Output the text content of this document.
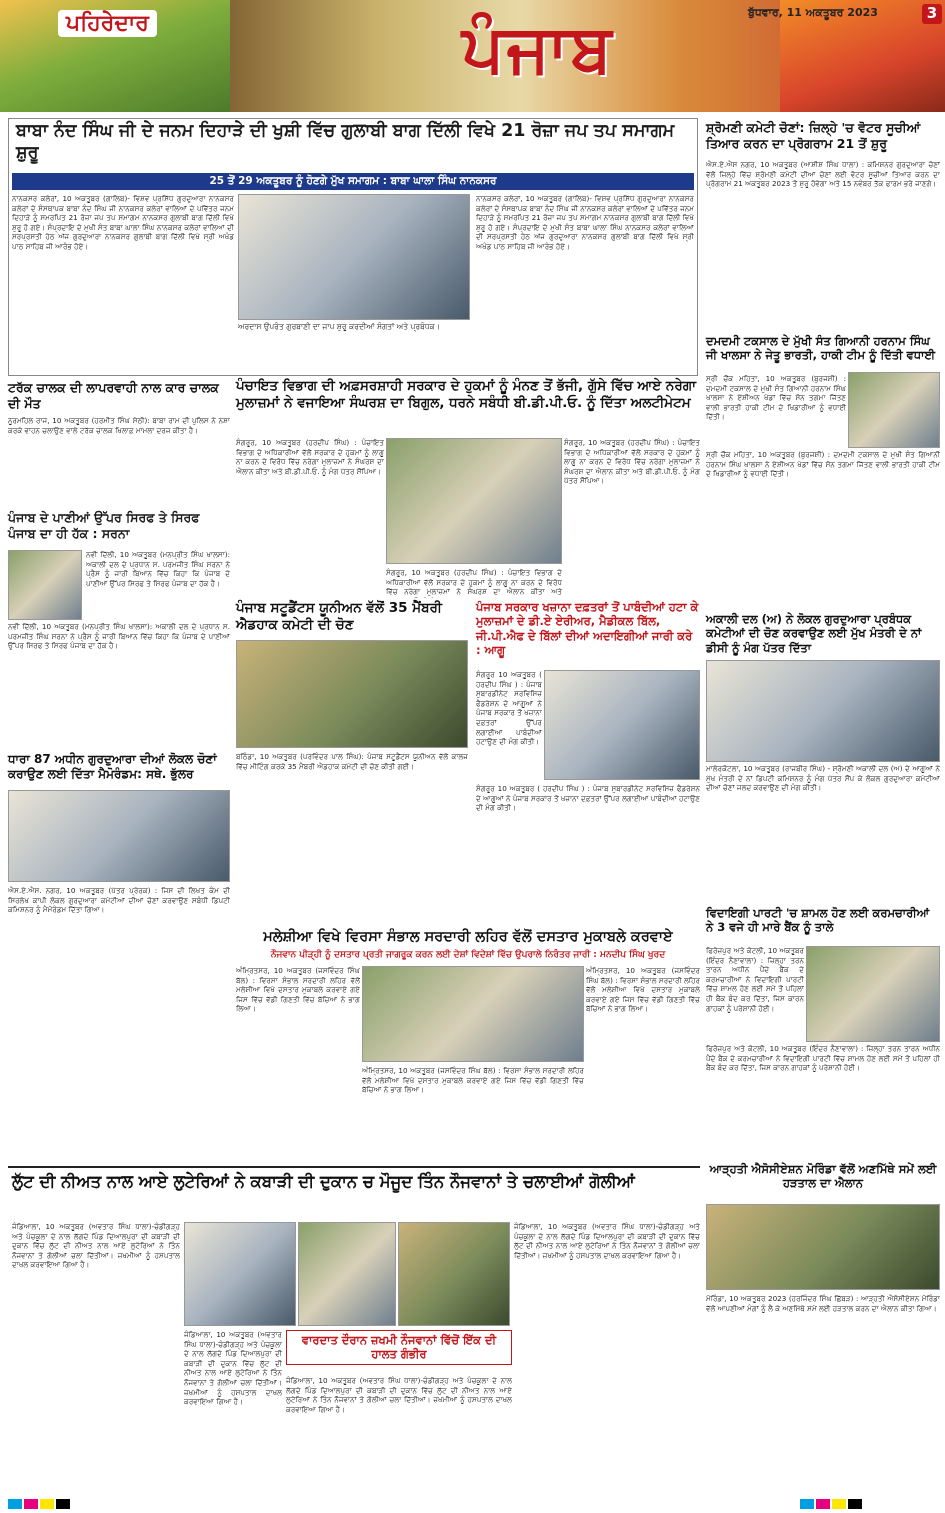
ਪਹਿਰੇਦਾਰ	ਪੰਜਾਬ	ਬੁੱਧਵਾਰ, 11 ਅਕਤੂਬਰ 2023	3
ਬਾਬਾ ਨੰਦ ਸਿੰਘ ਜੀ ਦੇ ਜਨਮ ਦਿਹਾੜੇ ਦੀ ਖੁਸ਼ੀ ਵਿੱਚ ਗੁਲਾਬੀ ਬਾਗ ਦਿੱਲੀ ਵਿਖੇ 21 ਰੋਜ਼ਾ ਜਪ ਤਪ ਸਮਾਗਮ ਸ਼ੁਰੂ
25 ਤੋਂ 29 ਅਕਤੂਬਰ ਨੂੰ ਹੋਣਗੇ ਮੁੱਖ ਸਮਾਗਮ : ਬਾਬਾ ਘਾਲਾ ਸਿੰਘ ਨਾਨਕਸਰ
ਨਾਨਕਸਰ ਕਲੇਰਾਂ, 10 ਅਕਤੂਬਰ (ਗਾਲਿਬ)- ਵਿਸ਼ਵ ਪ੍ਰਸਿੱਧ ਗੁਰਦੁਆਰਾ ਨਾਨਕਸਰ ਕਲੇਰਾਂ ਦੇ ਸੰਸਥਾਪਕ ਬਾਬਾ ਨੰਦ ਸਿੰਘ ਜੀ ਨਾਨਕਸਰ ਕਲੇਰਾਂ ਵਾਲਿਆਂ ਦੇ ਪਵਿੱਤਰ ਜਨਮ ਦਿਹਾੜੇ ਨੂੰ ਸਮਰਪਿਤ 21 ਰੋਜ਼ਾ ਜਪ ਤਪ ਸਮਾਗਮ ਨਾਨਕਸਰ ਗੁਲਾਬੀ ਬਾਗ ਦਿੱਲੀ ਵਿਖੇ ਸ਼ੁਰੂ ਹੋ ਗਏ। ਸੰਪ੍ਰਦਾਇ ਦੇ ਮੁਖੀ ਸੰਤ ਬਾਬਾ ਘਾਲਾ ਸਿੰਘ ਨਾਨਕਸਰ ਕਲੇਰਾਂ ਵਾਲਿਆਂ ਦੀ ਸਰਪ੍ਰਸਤੀ ਹੇਠ ਅੱਜ ਗੁਰਦੁਆਰਾ ਨਾਨਕਸਰ ਗੁਲਾਬੀ ਬਾਗ ਦਿੱਲੀ ਵਿਖੇ ਸ੍ਰੀ ਅਖੰਡ ਪਾਠ ਸਾਹਿਬ ਜੀ ਆਰੰਭ ਹੋਏ।
ਅਰਦਾਸ ਉਪਰੰਤ ਗੁਰਬਾਣੀ ਦਾ ਜਾਪ ਸ਼ੁਰੂ ਕਰਦੀਆਂ ਸੰਗਤਾਂ ਅਤੇ ਪ੍ਰਬੰਧਕ।
ਨਾਨਕਸਰ ਕਲੇਰਾਂ, 10 ਅਕਤੂਬਰ (ਗਾਲਿਬ)- ਵਿਸ਼ਵ ਪ੍ਰਸਿੱਧ ਗੁਰਦੁਆਰਾ ਨਾਨਕਸਰ ਕਲੇਰਾਂ ਦੇ ਸੰਸਥਾਪਕ ਬਾਬਾ ਨੰਦ ਸਿੰਘ ਜੀ ਨਾਨਕਸਰ ਕਲੇਰਾਂ ਵਾਲਿਆਂ ਦੇ ਪਵਿੱਤਰ ਜਨਮ ਦਿਹਾੜੇ ਨੂੰ ਸਮਰਪਿਤ 21 ਰੋਜ਼ਾ ਜਪ ਤਪ ਸਮਾਗਮ ਨਾਨਕਸਰ ਗੁਲਾਬੀ ਬਾਗ ਦਿੱਲੀ ਵਿਖੇ ਸ਼ੁਰੂ ਹੋ ਗਏ। ਸੰਪ੍ਰਦਾਇ ਦੇ ਮੁਖੀ ਸੰਤ ਬਾਬਾ ਘਾਲਾ ਸਿੰਘ ਨਾਨਕਸਰ ਕਲੇਰਾਂ ਵਾਲਿਆਂ ਦੀ ਸਰਪ੍ਰਸਤੀ ਹੇਠ ਅੱਜ ਗੁਰਦੁਆਰਾ ਨਾਨਕਸਰ ਗੁਲਾਬੀ ਬਾਗ ਦਿੱਲੀ ਵਿਖੇ ਸ੍ਰੀ ਅਖੰਡ ਪਾਠ ਸਾਹਿਬ ਜੀ ਆਰੰਭ ਹੋਏ।
ਸ਼੍ਰੋਮਣੀ ਕਮੇਟੀ ਚੋਣਾਂ: ਜ਼ਿਲ੍ਹੇ 'ਚ ਵੋਟਰ ਸੂਚੀਆਂ ਤਿਆਰ ਕਰਨ ਦਾ ਪ੍ਰੋਗਰਾਮ 21 ਤੋਂ ਸ਼ੁਰੂ
ਐਸ.ਏ.ਐਸ ਨਗਰ, 10 ਅਕਤੂਬਰ (ਆਸ਼ੀਸ਼ ਸਿੰਘ ਧਾਲਾ) : ਕਮਿਸ਼ਨਰ ਗੁਰਦੁਆਰਾ ਚੋਣਾਂ ਵੱਲੋਂ ਜ਼ਿਲ੍ਹੇ ਵਿੱਚ ਸ਼੍ਰੋਮਣੀ ਕਮੇਟੀ ਦੀਆਂ ਚੋਣਾਂ ਲਈ ਵੋਟਰ ਸੂਚੀਆਂ ਤਿਆਰ ਕਰਨ ਦਾ ਪ੍ਰੋਗਰਾਮ 21 ਅਕਤੂਬਰ 2023 ਤੋਂ ਸ਼ੁਰੂ ਹੋਵੇਗਾ ਅਤੇ 15 ਨਵੰਬਰ ਤੱਕ ਫਾਰਮ ਭਰੇ ਜਾਣਗੇ।
ਦਮਦਮੀ ਟਕਸਾਲ ਦੇ ਮੁੱਖੀ ਸੰਤ ਗਿਆਨੀ ਹਰਨਾਮ ਸਿੰਘ ਜੀ ਖਾਲਸਾ ਨੇ ਜੇਤੂ ਭਾਰਤੀ, ਹਾਕੀ ਟੀਮ ਨੂੰ ਦਿੱਤੀ ਵਧਾਈ
ਸ੍ਰੀ ਚੌਂਕ ਮਹਿਤਾ, 10 ਅਕਤੂਬਰ (ਬੁਰਜਸ਼ੀ) : ਦਮਦਮੀ ਟਕਸਾਲ ਦੇ ਮੁਖੀ ਸੰਤ ਗਿਆਨੀ ਹਰਨਾਮ ਸਿੰਘ ਖਾਲਸਾ ਨੇ ਏਸ਼ੀਅਨ ਖੇਡਾਂ ਵਿੱਚ ਸੋਨ ਤਗਮਾ ਜਿੱਤਣ ਵਾਲੀ ਭਾਰਤੀ ਹਾਕੀ ਟੀਮ ਦੇ ਖਿਡਾਰੀਆਂ ਨੂੰ ਵਧਾਈ ਦਿੱਤੀ।
ਸ੍ਰੀ ਚੌਂਕ ਮਹਿਤਾ, 10 ਅਕਤੂਬਰ (ਬੁਰਜਸ਼ੀ) : ਦਮਦਮੀ ਟਕਸਾਲ ਦੇ ਮੁਖੀ ਸੰਤ ਗਿਆਨੀ ਹਰਨਾਮ ਸਿੰਘ ਖਾਲਸਾ ਨੇ ਏਸ਼ੀਅਨ ਖੇਡਾਂ ਵਿੱਚ ਸੋਨ ਤਗਮਾ ਜਿੱਤਣ ਵਾਲੀ ਭਾਰਤੀ ਹਾਕੀ ਟੀਮ ਦੇ ਖਿਡਾਰੀਆਂ ਨੂੰ ਵਧਾਈ ਦਿੱਤੀ।
ਅਕਾਲੀ ਦਲ (ਅ) ਨੇ ਲੋਕਲ ਗੁਰਦੁਆਰਾ ਪ੍ਰਬੰਧਕ ਕਮੇਟੀਆਂ ਦੀ ਚੋਣ ਕਰਵਾਉਣ ਲਈ ਮੁੱਖ ਮੰਤਰੀ ਦੇ ਨਾਂ ਡੀਸੀ ਨੂੰ ਮੰਗ ਪੱਤਰ ਦਿੱਤਾ
ਮਾਲੇਰਕੋਟਲਾ, 10 ਅਕਤੂਬਰ (ਰਾਜਬੀਰ ਸਿੰਘ) - ਸ਼੍ਰੋਮਣੀ ਅਕਾਲੀ ਦਲ (ਅ) ਦੇ ਆਗੂਆਂ ਨੇ ਮੁੱਖ ਮੰਤਰੀ ਦੇ ਨਾਂ ਡਿਪਟੀ ਕਮਿਸ਼ਨਰ ਨੂੰ ਮੰਗ ਪੱਤਰ ਸੌਂਪ ਕੇ ਲੋਕਲ ਗੁਰਦੁਆਰਾ ਕਮੇਟੀਆਂ ਦੀਆਂ ਚੋਣਾਂ ਜਲਦ ਕਰਵਾਉਣ ਦੀ ਮੰਗ ਕੀਤੀ।
ਵਿਦਾਇਗੀ ਪਾਰਟੀ 'ਚ ਸ਼ਾਮਲ ਹੋਣ ਲਈ ਕਰਮਚਾਰੀਆਂ ਨੇ 3 ਵਜੇ ਹੀ ਮਾਰੇ ਬੈਂਕ ਨੂੰ ਤਾਲੇ
ਫਿਰੋਜ਼ਪੁਰ ਅਤੇ ਕੋਟਲੀ, 10 ਅਕਤੂਬਰ (ਇੰਦਰ ਨੈਣਾਵਾਲਾ) : ਜ਼ਿਲ੍ਹਾ ਤਰਨ ਤਾਰਨ ਅਧੀਨ ਪੈਂਦੇ ਬੈਂਕ ਦੇ ਕਰਮਚਾਰੀਆਂ ਨੇ ਵਿਦਾਇਗੀ ਪਾਰਟੀ ਵਿੱਚ ਸ਼ਾਮਲ ਹੋਣ ਲਈ ਸਮੇਂ ਤੋਂ ਪਹਿਲਾਂ ਹੀ ਬੈਂਕ ਬੰਦ ਕਰ ਦਿੱਤਾ, ਜਿਸ ਕਾਰਨ ਗਾਹਕਾਂ ਨੂੰ ਪਰੇਸ਼ਾਨੀ ਹੋਈ।
ਫਿਰੋਜ਼ਪੁਰ ਅਤੇ ਕੋਟਲੀ, 10 ਅਕਤੂਬਰ (ਇੰਦਰ ਨੈਣਾਵਾਲਾ) : ਜ਼ਿਲ੍ਹਾ ਤਰਨ ਤਾਰਨ ਅਧੀਨ ਪੈਂਦੇ ਬੈਂਕ ਦੇ ਕਰਮਚਾਰੀਆਂ ਨੇ ਵਿਦਾਇਗੀ ਪਾਰਟੀ ਵਿੱਚ ਸ਼ਾਮਲ ਹੋਣ ਲਈ ਸਮੇਂ ਤੋਂ ਪਹਿਲਾਂ ਹੀ ਬੈਂਕ ਬੰਦ ਕਰ ਦਿੱਤਾ, ਜਿਸ ਕਾਰਨ ਗਾਹਕਾਂ ਨੂੰ ਪਰੇਸ਼ਾਨੀ ਹੋਈ।
ਆੜ੍ਹਤੀ ਐਸੋਸੀਏਸ਼ਨ ਮੋਰਿੰਡਾ ਵੱਲੋਂ ਅਣਮਿੱਥੇ ਸਮੇਂ ਲਈ ਹੜਤਾਲ ਦਾ ਐਲਾਨ
ਮੋਰਿੰਡਾ, 10 ਅਕਤੂਬਰ 2023 (ਹਰਜਿੰਦਰ ਸਿੰਘ ਛਿੱਬੜ) : ਆੜ੍ਹਤੀ ਐਸੋਸੀਏਸ਼ਨ ਮੋਰਿੰਡਾ ਵੱਲੋਂ ਆਪਣੀਆਂ ਮੰਗਾਂ ਨੂੰ ਲੈ ਕੇ ਅਣਮਿੱਥੇ ਸਮੇਂ ਲਈ ਹੜਤਾਲ ਕਰਨ ਦਾ ਐਲਾਨ ਕੀਤਾ ਗਿਆ।
ਟਰੱਕ ਚਾਲਕ ਦੀ ਲਾਪਰਵਾਹੀ ਨਾਲ ਕਾਰ ਚਾਲਕ ਦੀ ਮੌਤ
ਨੂਰਮਹਿਲ ਰਾਜ, 10 ਅਕਤੂਬਰ (ਹਰਮੀਤ ਸਿੰਘ ਸੇਠੀ): ਬਾਬਾ ਰਾਮ ਦੀ ਪੁਲਿਸ ਨੇ ਨਸ਼ਾ ਕਰਕੇ ਵਾਹਨ ਚਲਾਉਣ ਵਾਲੇ ਟਰੱਕ ਚਾਲਕ ਖਿਲਾਫ਼ ਮਾਮਲਾ ਦਰਜ ਕੀਤਾ ਹੈ।
ਪੰਜਾਬ ਦੇ ਪਾਣੀਆਂ ਉੱਪਰ ਸਿਰਫ ਤੇ ਸਿਰਫ ਪੰਜਾਬ ਦਾ ਹੀ ਹੱਕ : ਸਰਨਾ
ਨਵੀਂ ਦਿੱਲੀ, 10 ਅਕਤੂਬਰ (ਮਨਪ੍ਰੀਤ ਸਿੰਘ ਖਾਲਸਾ): ਅਕਾਲੀ ਦਲ ਦੇ ਪ੍ਰਧਾਨ ਸ. ਪਰਮਜੀਤ ਸਿੰਘ ਸਰਨਾ ਨੇ ਪ੍ਰੈਸ ਨੂੰ ਜਾਰੀ ਬਿਆਨ ਵਿੱਚ ਕਿਹਾ ਕਿ ਪੰਜਾਬ ਦੇ ਪਾਣੀਆਂ ਉੱਪਰ ਸਿਰਫ ਤੇ ਸਿਰਫ ਪੰਜਾਬ ਦਾ ਹੱਕ ਹੈ।
ਨਵੀਂ ਦਿੱਲੀ, 10 ਅਕਤੂਬਰ (ਮਨਪ੍ਰੀਤ ਸਿੰਘ ਖਾਲਸਾ): ਅਕਾਲੀ ਦਲ ਦੇ ਪ੍ਰਧਾਨ ਸ. ਪਰਮਜੀਤ ਸਿੰਘ ਸਰਨਾ ਨੇ ਪ੍ਰੈਸ ਨੂੰ ਜਾਰੀ ਬਿਆਨ ਵਿੱਚ ਕਿਹਾ ਕਿ ਪੰਜਾਬ ਦੇ ਪਾਣੀਆਂ ਉੱਪਰ ਸਿਰਫ ਤੇ ਸਿਰਫ ਪੰਜਾਬ ਦਾ ਹੱਕ ਹੈ।
ਧਾਰਾ 87 ਅਧੀਨ ਗੁਰਦੁਆਰਾ ਦੀਆਂ ਲੋਕਲ ਚੋਣਾਂ ਕਰਾਉਣ ਲਈ ਦਿੱਤਾ ਮੈਮੋਰੰਡਮ: ਸਥੇ. ਭੁੱਲਰ
ਐਸ.ਏ.ਐਸ. ਨਗਰ, 10 ਅਕਤੂਬਰ (ਪੱਤਰ ਪ੍ਰੇਰਕ) : ਜਿਸ ਦੀ ਲਿਖਤ ਕੰਮ ਦੀ ਸਿਰਲੇਖ ਕਾਪੀ ਲੋਕਲ ਗੁਰਦੁਆਰਾ ਕਮੇਟੀਆਂ ਦੀਆਂ ਚੋਣਾਂ ਕਰਵਾਉਣ ਸਬੰਧੀ ਡਿਪਟੀ ਕਮਿਸ਼ਨਰ ਨੂੰ ਮੈਮੋਰੰਡਮ ਦਿੱਤਾ ਗਿਆ।
ਪੰਚਾਇਤ ਵਿਭਾਗ ਦੀ ਅਫ਼ਸਰਸ਼ਾਹੀ ਸਰਕਾਰ ਦੇ ਹੁਕਮਾਂ ਨੂੰ ਮੰਨਣ ਤੋਂ ਭੱਜੀ, ਗੁੱਸੇ ਵਿੱਚ ਆਏ ਨਰੇਗਾ ਮੁਲਾਜ਼ਮਾਂ ਨੇ ਵਜਾਇਆ ਸੰਘਰਸ਼ ਦਾ ਬਿਗੁਲ, ਧਰਨੇ ਸਬੰਧੀ ਬੀ.ਡੀ.ਪੀ.ਓ. ਨੂੰ ਦਿੱਤਾ ਅਲਟੀਮੇਟਮ
ਸੰਗਰੂਰ, 10 ਅਕਤੂਬਰ (ਹਰਦੀਪ ਸਿੰਘ) : ਪੰਚਾਇਤ ਵਿਭਾਗ ਦੇ ਅਧਿਕਾਰੀਆਂ ਵੱਲੋਂ ਸਰਕਾਰ ਦੇ ਹੁਕਮਾਂ ਨੂੰ ਲਾਗੂ ਨਾ ਕਰਨ ਦੇ ਵਿਰੋਧ ਵਿੱਚ ਨਰੇਗਾ ਮੁਲਾਜ਼ਮਾਂ ਨੇ ਸੰਘਰਸ਼ ਦਾ ਐਲਾਨ ਕੀਤਾ ਅਤੇ ਬੀ.ਡੀ.ਪੀ.ਓ. ਨੂੰ ਮੰਗ ਪੱਤਰ ਸੌਂਪਿਆ।
ਸੰਗਰੂਰ, 10 ਅਕਤੂਬਰ (ਹਰਦੀਪ ਸਿੰਘ) : ਪੰਚਾਇਤ ਵਿਭਾਗ ਦੇ ਅਧਿਕਾਰੀਆਂ ਵੱਲੋਂ ਸਰਕਾਰ ਦੇ ਹੁਕਮਾਂ ਨੂੰ ਲਾਗੂ ਨਾ ਕਰਨ ਦੇ ਵਿਰੋਧ ਵਿੱਚ ਨਰੇਗਾ ਮੁਲਾਜ਼ਮਾਂ ਨੇ ਸੰਘਰਸ਼ ਦਾ ਐਲਾਨ ਕੀਤਾ ਅਤੇ ਬੀ.ਡੀ.ਪੀ.ਓ. ਨੂੰ ਮੰਗ ਪੱਤਰ ਸੌਂਪਿਆ।
ਸੰਗਰੂਰ, 10 ਅਕਤੂਬਰ (ਹਰਦੀਪ ਸਿੰਘ) : ਪੰਚਾਇਤ ਵਿਭਾਗ ਦੇ ਅਧਿਕਾਰੀਆਂ ਵੱਲੋਂ ਸਰਕਾਰ ਦੇ ਹੁਕਮਾਂ ਨੂੰ ਲਾਗੂ ਨਾ ਕਰਨ ਦੇ ਵਿਰੋਧ ਵਿੱਚ ਨਰੇਗਾ ਮੁਲਾਜ਼ਮਾਂ ਨੇ ਸੰਘਰਸ਼ ਦਾ ਐਲਾਨ ਕੀਤਾ ਅਤੇ
ਪੰਜਾਬ ਸਟੂਡੈਂਟਸ ਯੂਨੀਅਨ ਵੱਲੋਂ 35 ਮੈਂਬਰੀ ਐਡਹਾਕ ਕਮੇਟੀ ਦੀ ਚੋਣ
ਬਠਿੰਡਾ, 10 ਅਕਤੂਬਰ (ਪਰਵਿੰਦਰ ਪਾਲ ਸਿੰਘ): ਪੰਜਾਬ ਸਟੂਡੈਂਟਸ ਯੂਨੀਅਨ ਵੱਲੋਂ ਕਾਲਜ ਵਿੱਚ ਮੀਟਿੰਗ ਕਰਕੇ 35 ਮੈਂਬਰੀ ਐਡਹਾਕ ਕਮੇਟੀ ਦੀ ਚੋਣ ਕੀਤੀ ਗਈ।
ਪੰਜਾਬ ਸਰਕਾਰ ਖਜ਼ਾਨਾ ਦਫ਼ਤਰਾਂ ਤੋਂ ਪਾਬੰਦੀਆਂ ਹਟਾ ਕੇ ਮੁਲਾਜ਼ਮਾਂ ਦੇ ਡੀ.ਏ ਏਰੀਅਰ, ਮੈਡੀਕਲ ਬਿੱਲ, ਜੀ.ਪੀ.ਐਫ ਦੇ ਬਿੱਲਾਂ ਦੀਆਂ ਅਦਾਇਗੀਆਂ ਜਾਰੀ ਕਰੇ : ਆਗੂ
ਸੰਗਰੂਰ 10 ਅਕਤੂਬਰ ( ਹਰਦੀਪ ਸਿੰਘ ) : ਪੰਜਾਬ ਸੁਬਾਰਡੀਨੇਟ ਸਰਵਿਸਿਜ਼ ਫੈਡਰੇਸ਼ਨ ਦੇ ਆਗੂਆਂ ਨੇ ਪੰਜਾਬ ਸਰਕਾਰ ਤੋਂ ਖਜ਼ਾਨਾ ਦਫ਼ਤਰਾਂ ਉੱਪਰ ਲਗਾਈਆਂ ਪਾਬੰਦੀਆਂ ਹਟਾਉਣ ਦੀ ਮੰਗ ਕੀਤੀ।
ਸੰਗਰੂਰ 10 ਅਕਤੂਬਰ ( ਹਰਦੀਪ ਸਿੰਘ ) : ਪੰਜਾਬ ਸੁਬਾਰਡੀਨੇਟ ਸਰਵਿਸਿਜ਼ ਫੈਡਰੇਸ਼ਨ ਦੇ ਆਗੂਆਂ ਨੇ ਪੰਜਾਬ ਸਰਕਾਰ ਤੋਂ ਖਜ਼ਾਨਾ ਦਫ਼ਤਰਾਂ ਉੱਪਰ ਲਗਾਈਆਂ ਪਾਬੰਦੀਆਂ ਹਟਾਉਣ ਦੀ ਮੰਗ ਕੀਤੀ।
ਮਲੇਸ਼ੀਆ ਵਿਖੇ ਵਿਰਸਾ ਸੰਭਾਲ ਸਰਦਾਰੀ ਲਹਿਰ ਵੱਲੋਂ ਦਸਤਾਰ ਮੁਕਾਬਲੇ ਕਰਵਾਏ
ਨੌਜਵਾਨ ਪੀੜ੍ਹੀ ਨੂੰ ਦਸਤਾਰ ਪ੍ਰਤੀ ਜਾਗਰੂਕ ਕਰਨ ਲਈ ਦੇਸ਼ਾਂ ਵਿਦੇਸ਼ਾਂ ਵਿੱਚ ਉਪਰਾਲੇ ਨਿਰੰਤਰ ਜਾਰੀ : ਮਨਦੀਪ ਸਿੰਘ ਖੁਰਦ
ਅੰਮ੍ਰਿਤਸਰ, 10 ਅਕਤੂਬਰ (ਜਸਵਿੰਦਰ ਸਿੰਘ ਬੱਲ) : ਵਿਰਸਾ ਸੰਭਾਲ ਸਰਦਾਰੀ ਲਹਿਰ ਵੱਲੋਂ ਮਲੇਸ਼ੀਆ ਵਿਖੇ ਦਸਤਾਰ ਮੁਕਾਬਲੇ ਕਰਵਾਏ ਗਏ ਜਿਸ ਵਿੱਚ ਵੱਡੀ ਗਿਣਤੀ ਵਿੱਚ ਬੱਚਿਆਂ ਨੇ ਭਾਗ ਲਿਆ।
ਅੰਮ੍ਰਿਤਸਰ, 10 ਅਕਤੂਬਰ (ਜਸਵਿੰਦਰ ਸਿੰਘ ਬੱਲ) : ਵਿਰਸਾ ਸੰਭਾਲ ਸਰਦਾਰੀ ਲਹਿਰ ਵੱਲੋਂ ਮਲੇਸ਼ੀਆ ਵਿਖੇ ਦਸਤਾਰ ਮੁਕਾਬਲੇ ਕਰਵਾਏ ਗਏ ਜਿਸ ਵਿੱਚ ਵੱਡੀ ਗਿਣਤੀ ਵਿੱਚ ਬੱਚਿਆਂ ਨੇ ਭਾਗ ਲਿਆ।
ਅੰਮ੍ਰਿਤਸਰ, 10 ਅਕਤੂਬਰ (ਜਸਵਿੰਦਰ ਸਿੰਘ ਬੱਲ) : ਵਿਰਸਾ ਸੰਭਾਲ ਸਰਦਾਰੀ ਲਹਿਰ ਵੱਲੋਂ ਮਲੇਸ਼ੀਆ ਵਿਖੇ ਦਸਤਾਰ ਮੁਕਾਬਲੇ ਕਰਵਾਏ ਗਏ ਜਿਸ ਵਿੱਚ ਵੱਡੀ ਗਿਣਤੀ ਵਿੱਚ ਬੱਚਿਆਂ ਨੇ ਭਾਗ ਲਿਆ।
ਲੁੱਟ ਦੀ ਨੀਅਤ ਨਾਲ ਆਏ ਲੁਟੇਰਿਆਂ ਨੇ ਕਬਾੜੀ ਦੀ ਦੁਕਾਨ ਚ ਮੌਜੂਦ ਤਿੰਨ ਨੌਜਵਾਨਾਂ ਤੇ ਚਲਾਈਆਂ ਗੋਲੀਆਂ
ਜੰਡਿਆਲਾ, 10 ਅਕਤੂਬਰ (ਅਵਤਾਰ ਸਿੰਘ ਧਾਲਾ)-ਚੰਡੀਗੜ੍ਹ ਅਤੇ ਪੰਚਕੂਲਾ ਦੇ ਨਾਲ ਲੱਗਦੇ ਪਿੰਡ ਦਿਆਲਪੁਰਾ ਦੀ ਕਬਾੜੀ ਦੀ ਦੁਕਾਨ ਵਿੱਚ ਲੁੱਟ ਦੀ ਨੀਅਤ ਨਾਲ ਆਏ ਲੁਟੇਰਿਆਂ ਨੇ ਤਿੰਨ ਨੌਜਵਾਨਾਂ ਤੇ ਗੋਲੀਆਂ ਚਲਾ ਦਿੱਤੀਆਂ। ਜ਼ਖਮੀਆਂ ਨੂੰ ਹਸਪਤਾਲ ਦਾਖਲ ਕਰਵਾਇਆ ਗਿਆ ਹੈ।
ਜੰਡਿਆਲਾ, 10 ਅਕਤੂਬਰ (ਅਵਤਾਰ ਸਿੰਘ ਧਾਲਾ)-ਚੰਡੀਗੜ੍ਹ ਅਤੇ ਪੰਚਕੂਲਾ ਦੇ ਨਾਲ ਲੱਗਦੇ ਪਿੰਡ ਦਿਆਲਪੁਰਾ ਦੀ ਕਬਾੜੀ ਦੀ ਦੁਕਾਨ ਵਿੱਚ ਲੁੱਟ ਦੀ ਨੀਅਤ ਨਾਲ ਆਏ ਲੁਟੇਰਿਆਂ ਨੇ ਤਿੰਨ ਨੌਜਵਾਨਾਂ ਤੇ ਗੋਲੀਆਂ ਚਲਾ ਦਿੱਤੀਆਂ। ਜ਼ਖਮੀਆਂ ਨੂੰ ਹਸਪਤਾਲ ਦਾਖਲ ਕਰਵਾਇਆ ਗਿਆ ਹੈ।
ਵਾਰਦਾਤ ਦੌਰਾਨ ਜ਼ਖਮੀ ਨੌਜਵਾਨਾਂ ਵਿੱਚੋਂ ਇੱਕ ਦੀ ਹਾਲਤ ਗੰਭੀਰ
ਜੰਡਿਆਲਾ, 10 ਅਕਤੂਬਰ (ਅਵਤਾਰ ਸਿੰਘ ਧਾਲਾ)-ਚੰਡੀਗੜ੍ਹ ਅਤੇ ਪੰਚਕੂਲਾ ਦੇ ਨਾਲ ਲੱਗਦੇ ਪਿੰਡ ਦਿਆਲਪੁਰਾ ਦੀ ਕਬਾੜੀ ਦੀ ਦੁਕਾਨ ਵਿੱਚ ਲੁੱਟ ਦੀ ਨੀਅਤ ਨਾਲ ਆਏ ਲੁਟੇਰਿਆਂ ਨੇ ਤਿੰਨ ਨੌਜਵਾਨਾਂ ਤੇ ਗੋਲੀਆਂ ਚਲਾ ਦਿੱਤੀਆਂ। ਜ਼ਖਮੀਆਂ ਨੂੰ ਹਸਪਤਾਲ ਦਾਖਲ ਕਰਵਾਇਆ ਗਿਆ ਹੈ।
ਜੰਡਿਆਲਾ, 10 ਅਕਤੂਬਰ (ਅਵਤਾਰ ਸਿੰਘ ਧਾਲਾ)-ਚੰਡੀਗੜ੍ਹ ਅਤੇ ਪੰਚਕੂਲਾ ਦੇ ਨਾਲ ਲੱਗਦੇ ਪਿੰਡ ਦਿਆਲਪੁਰਾ ਦੀ ਕਬਾੜੀ ਦੀ ਦੁਕਾਨ ਵਿੱਚ ਲੁੱਟ ਦੀ ਨੀਅਤ ਨਾਲ ਆਏ ਲੁਟੇਰਿਆਂ ਨੇ ਤਿੰਨ ਨੌਜਵਾਨਾਂ ਤੇ ਗੋਲੀਆਂ ਚਲਾ ਦਿੱਤੀਆਂ। ਜ਼ਖਮੀਆਂ ਨੂੰ ਹਸਪਤਾਲ ਦਾਖਲ ਕਰਵਾਇਆ ਗਿਆ ਹੈ।
